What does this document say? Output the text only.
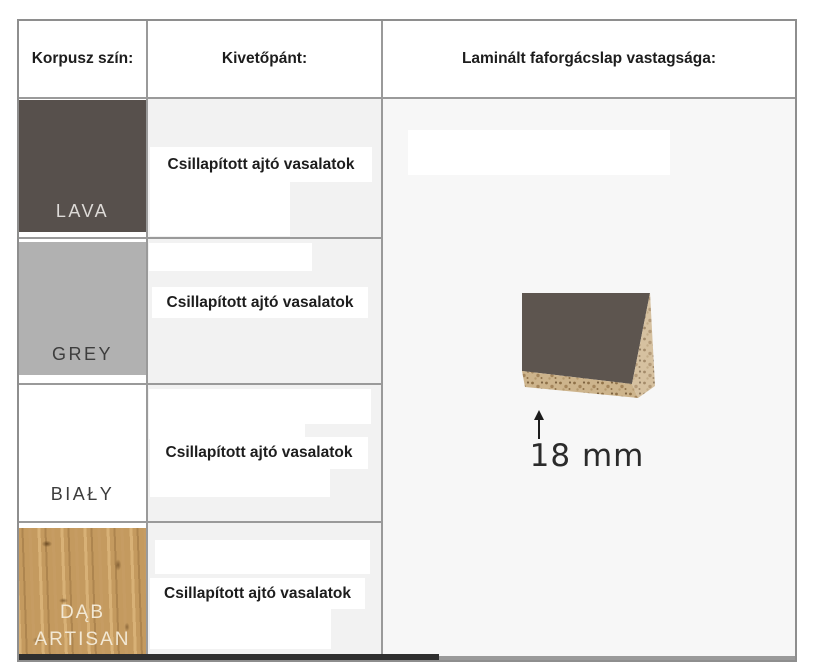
Korpusz szín:	Kivetőpánt:	Laminált faforgácslap vastagsága:
LAVA
GREY
BIAŁY
DĄB ARTISAN
Csillapított ajtó vasalatok
Csillapított ajtó vasalatok
Csillapított ajtó vasalatok
Csillapított ajtó vasalatok
18 mm
